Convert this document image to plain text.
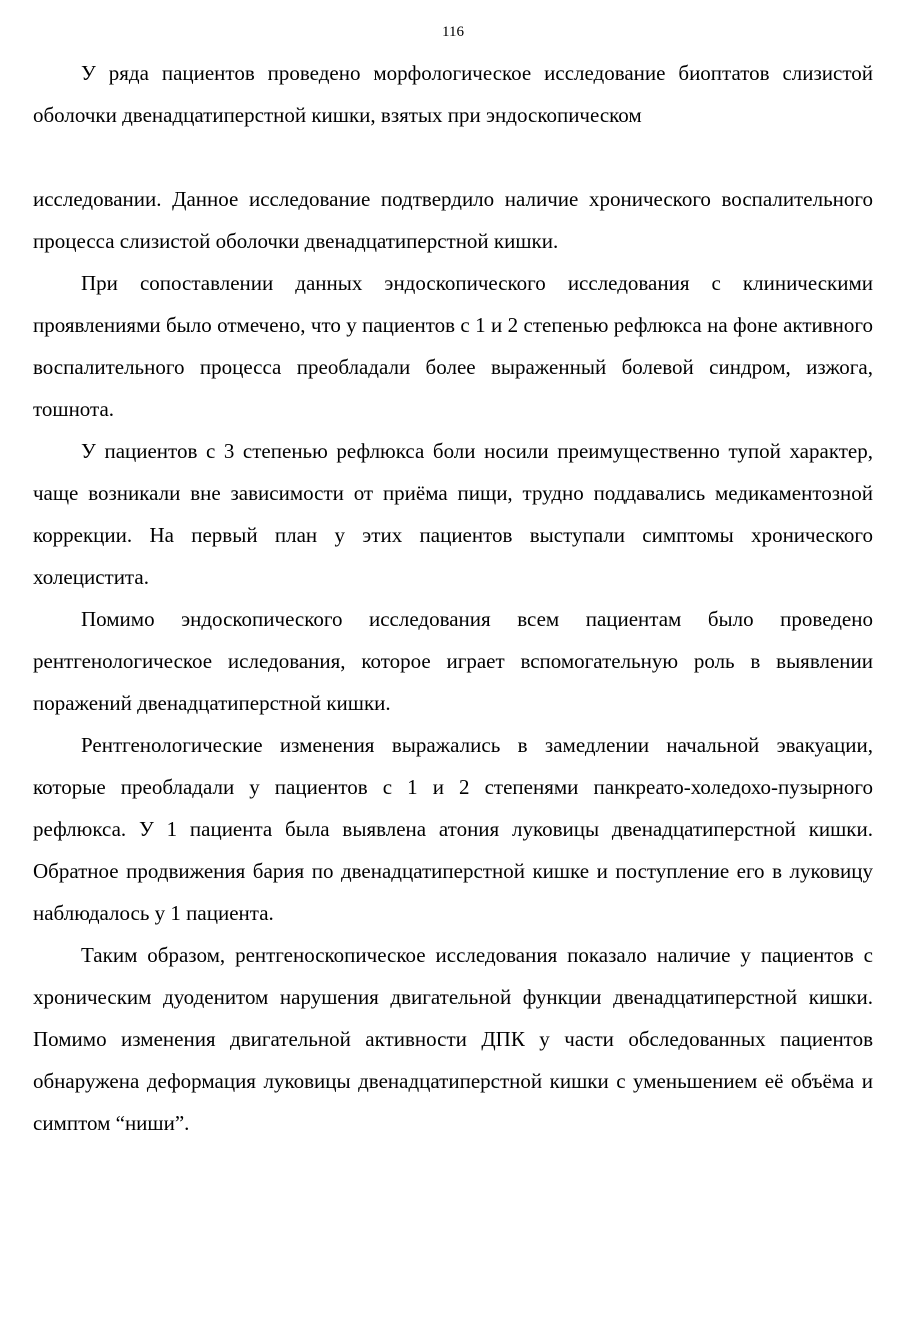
116

У ряда пациентов проведено морфологическое исследование биоптатов слизистой оболочки двенадцатиперстной кишки, взятых при эндоскопическом

исследовании. Данное исследование подтвердило наличие хронического воспалительного процесса слизистой оболочки двенадцатиперстной кишки.

При сопоставлении данных эндоскопического исследования с клиническими проявлениями было отмечено, что у пациентов с 1 и 2 степенью рефлюкса на фоне активного воспалительного процесса преобладали более выраженный болевой синдром, изжога, тошнота.

У пациентов с 3 степенью рефлюкса боли носили преимущественно тупой характер, чаще возникали вне зависимости от приёма пищи, трудно поддавались медикаментозной коррекции. На первый план у этих пациентов выступали симптомы хронического холецистита.

Помимо эндоскопического исследования всем пациентам было проведено рентгенологическое иследования, которое играет вспомогательную роль в выявлении поражений двенадцатиперстной кишки.

Рентгенологические изменения выражались в замедлении начальной эвакуации, которые преобладали у пациентов с 1 и 2 степенями панкреато-холедохо-пузырного рефлюкса. У 1 пациента была выявлена атония луковицы двенадцатиперстной кишки. Обратное продвижения бария по двенадцатиперстной кишке и поступление его в луковицу наблюдалось у 1 пациента.

Таким образом, рентгеноскопическое исследования показало наличие у пациентов с хроническим дуоденитом нарушения двигательной функции двенадцатиперстной кишки. Помимо изменения двигательной активности ДПК у части обследованных пациентов обнаружена деформация луковицы двенадцатиперстной кишки с уменьшением её объёма и симптом “ниши”.
